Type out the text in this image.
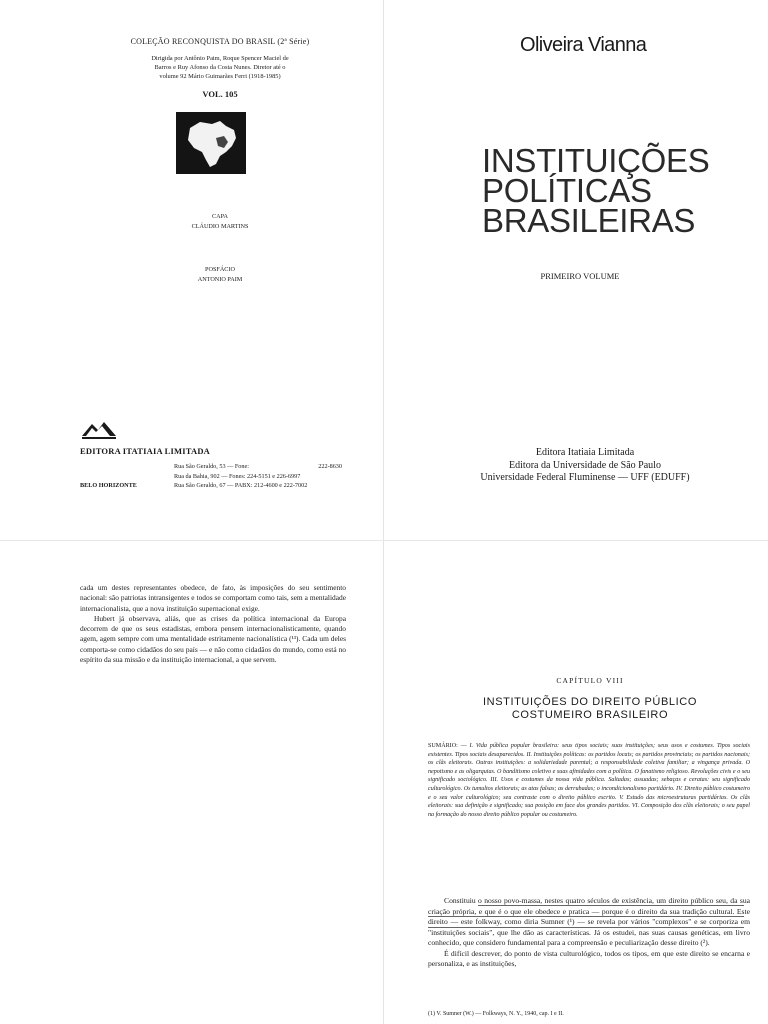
COLEÇÃO RECONQUISTA DO BRASIL (2ª Série)
Dirigida por Antônio Paim, Roque Spencer Maciel de
Barros e Ruy Afonso da Costa Nunes. Diretor até o
volume 92 Mário Guimarães Ferri (1918-1985)
VOL. 105
CAPA
CLÁUDIO MARTINS
POSFÁCIO
ANTONIO PAIM
EDITORA ITATIAIA LIMITADA
Rua São Geraldo, 53 — Fone:	222-8630
Rua da Bahia, 902 — Fones: 224-5151 e 226-6997
BELO HORIZONTE	Rua São Geraldo, 67 — PABX: 212-4600 e 222-7002
Oliveira Vianna
INSTITUIÇÕES
POLÍTICAS
BRASILEIRAS
PRIMEIRO VOLUME
Editora Itatiaia Limitada
Editora da Universidade de São Paulo
Universidade Federal Fluminense — UFF (EDUFF)

cada um destes representantes obedece, de fato, às imposições do seu sentimento nacional: são patriotas intransigentes e todos se comportam como tais, sem a mentalidade internacionalista, que a nova instituição supernacional exige.

Hubert já observava, aliás, que as crises da política internacional da Europa decorrem de que os seus estadistas, embora pensem internacionalisticamente, quando agem, agem sempre com uma mentalidade estritamente nacionalística (¹³). Cada um deles comporta-se como cidadãos do seu país — e não como cidadãos do mundo, como está no espírito da sua missão e da instituição internacional, a que servem.

CAPÍTULO VIII
INSTITUIÇÕES DO DIREITO PÚBLICO
COSTUMEIRO BRASILEIRO
SUMÁRIO: — I. Vida pública popular brasileira: seus tipos sociais; suas instituições; seus usos e costumes. Tipos sociais existentes. Tipos sociais desaparecidos. II. Instituições políticas: os partidos locais; os partidos provinciais; os partidos nacionais; os clãs eleitorais. Outras instituições: a solidariedade parental; a responsabilidade coletiva familiar; a vingança privada. O nepotismo e as oligarquias. O banditismo coletivo e suas afinidades com a política. O fanatismo religioso. Revoluções civis e o seu significado sociológico. III. Usos e costumes da nossa vida pública. Saltadas; assuadas; sebaças e ceratas: seu significado culturológico. Os tumultos eleitorais; as atas falsas; as derrubadas; o incondicionalismo partidário. IV. Direito público costumeiro e o seu valor culturológico; seu contraste com o direito público escrito. V. Estudo das microestruturas partidárias. Os clãs eleitorais: sua definição e significado; sua posição em face dos grandes partidos. VI. Composição dos clãs eleitorais; o seu papel na formação do nosso direito público popular ou costumeiro.

Constituiu o nosso povo-massa, nestes quatro séculos de existência, um direito público seu, da sua criação própria, e que é o que ele obedece e pratica — porque é o direito da sua tradição cultural. Este direito — este folkway, como diria Sumner (¹) — se revela por vários "complexos" e se corporiza em "instituições sociais", que lhe dão as características. Já os estudei, nas suas causas genéticas, em livro conhecido, que considero fundamental para a compreensão e peculiarização desse direito (²).

É difícil descrever, do ponto de vista culturológico, todos os tipos, em que este direito se encarna e personaliza, e as instituições,

(1) V. Sumner (W.) — Folkways, N. Y., 1940, cap. I e II.
